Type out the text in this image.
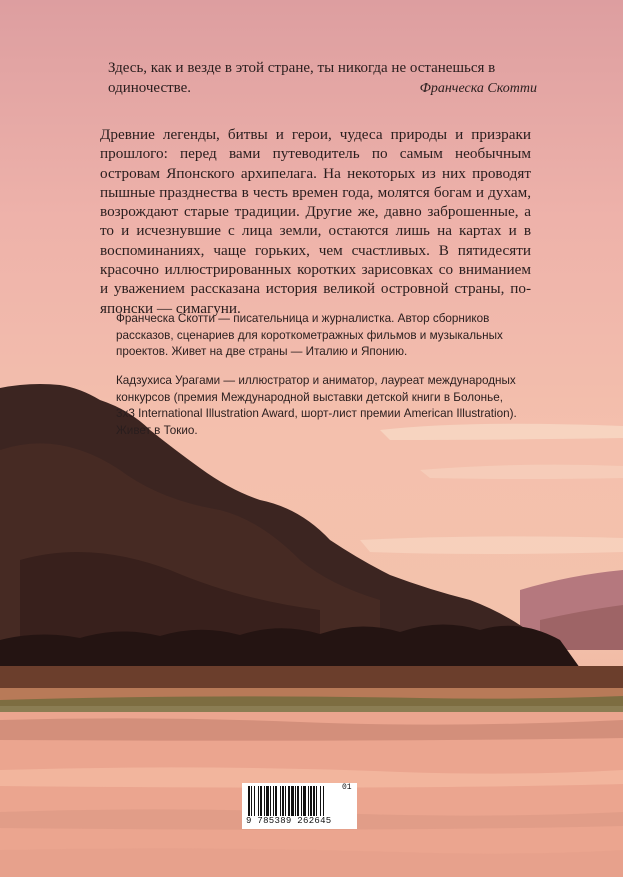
Здесь, как и везде в этой стране, ты никогда не останешься в одиночестве.	Франческа Скотти

Древние легенды, битвы и герои, чудеса природы и призраки прошлого: перед вами путеводитель по самым необычным островам Японского архипелага. На некоторых из них проводят пышные празднества в честь времен года, молятся богам и духам, возрождают старые традиции. Другие же, давно заброшенные, а то и исчезнувшие с лица земли, остаются лишь на картах и в воспоминаниях, чаще горьких, чем счастливых. В пятидесяти красочно иллюстрированных коротких зарисовках со вниманием и уважением рассказана история великой островной страны, по-японски — симагуни.

Франческа Скотти — писательница и журналистка. Автор сборников рассказов, сценариев для короткометражных фильмов и музыкальных проектов. Живет на две страны — Италию и Японию.

Кадзухиса Урагами — иллюстратор и аниматор, лауреат международных конкурсов (премия Международной выставки детской книги в Болонье, 3x3 International Illustration Award, шорт-лист премии American Illustration). Живет в Токио.

9 785389 262645
01
